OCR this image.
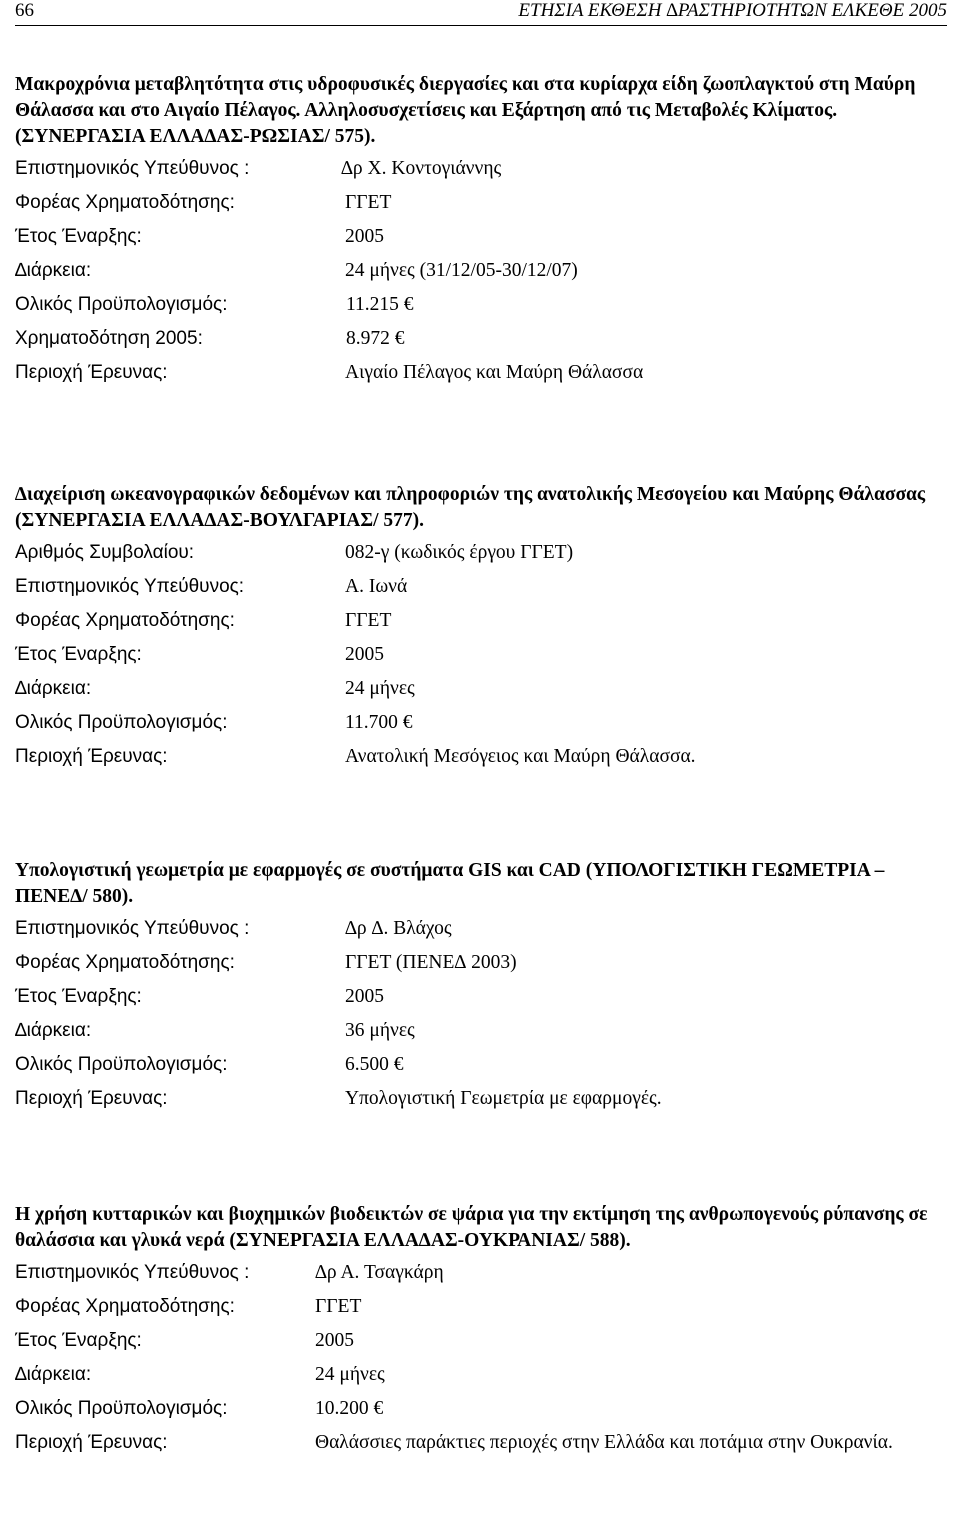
66	ΕΤΗΣΙΑ ΕΚΘΕΣΗ ∆ΡΑΣΤΗΡΙΟΤΗΤΩΝ ΕΛΚΕΘΕ 2005
Μακροχρόνια μεταβλητότητα στις υδροφυσικές διεργασίες και στα κυρίαρχα είδη ζωοπλαγκτού στη Μαύρη Θάλασσα και στο Αιγαίο Πέλαγος. Αλληλοσυσχετίσεις και Εξάρτηση από τις Μεταβολές Κλίματος. (ΣΥΝΕΡΓΑΣΙΑ ΕΛΛΑ∆ΑΣ-ΡΩΣΙΑΣ/ 575).
Επιστημονικός Υπεύθυνος :	∆ρ Χ. Κοντογιάννης
Φορέας Χρηματοδότησης:	ΓΓΕΤ
Έτος Έναρξης:	2005
∆ιάρκεια:	24 μήνες (31/12/05-30/12/07)
Ολικός Προϋπολογισμός:	11.215 €
Χρηματοδότηση 2005:	8.972 €
Περιοχή Έρευνας:	Αιγαίο Πέλαγος και Μαύρη Θάλασσα
∆ιαχείριση ωκεανογραφικών δεδομένων και πληροφοριών της ανατολικής Μεσογείου και Μαύρης Θάλασσας (ΣΥΝΕΡΓΑΣΙΑ ΕΛΛΑ∆ΑΣ-ΒΟΥΛΓΑΡΙΑΣ/ 577).
Αριθμός Συμβολαίου:	082-γ (κωδικός έργου ΓΓΕΤ)
Επιστημονικός Υπεύθυνος:	Α. Ιωνά
Φορέας Χρηματοδότησης:	ΓΓΕΤ
Έτος Έναρξης:	2005
∆ιάρκεια:	24 μήνες
Ολικός Προϋπολογισμός:	11.700 €
Περιοχή Έρευνας:	Ανατολική Μεσόγειος και Μαύρη Θάλασσα.
Υπολογιστική γεωμετρία με εφαρμογές σε συστήματα GIS και CAD (ΥΠΟΛΟΓΙΣΤΙΚΗ ΓΕΩΜΕΤΡΙΑ – ΠΕΝΕ∆/ 580).
Επιστημονικός Υπεύθυνος :	∆ρ ∆. Βλάχος
Φορέας Χρηματοδότησης:	ΓΓΕΤ (ΠΕΝΕ∆ 2003)
Έτος Έναρξης:	2005
∆ιάρκεια:	36 μήνες
Ολικός Προϋπολογισμός:	6.500 €
Περιοχή Έρευνας:	Υπολογιστική Γεωμετρία με εφαρμογές.
Η χρήση κυτταρικών και βιοχημικών βιοδεικτών σε ψάρια για την εκτίμηση της ανθρωπογενούς ρύπανσης σε θαλάσσια και γλυκά νερά (ΣΥΝΕΡΓΑΣΙΑ ΕΛΛΑ∆ΑΣ-ΟΥΚΡΑΝΙΑΣ/ 588).
Επιστημονικός Υπεύθυνος :	∆ρ Α. Τσαγκάρη
Φορέας Χρηματοδότησης:	ΓΓΕΤ
Έτος Έναρξης:	2005
∆ιάρκεια:	24 μήνες
Ολικός Προϋπολογισμός:	10.200 €
Περιοχή Έρευνας:	Θαλάσσιες παράκτιες περιοχές στην Ελλάδα και ποτάμια στην Ουκρανία.
